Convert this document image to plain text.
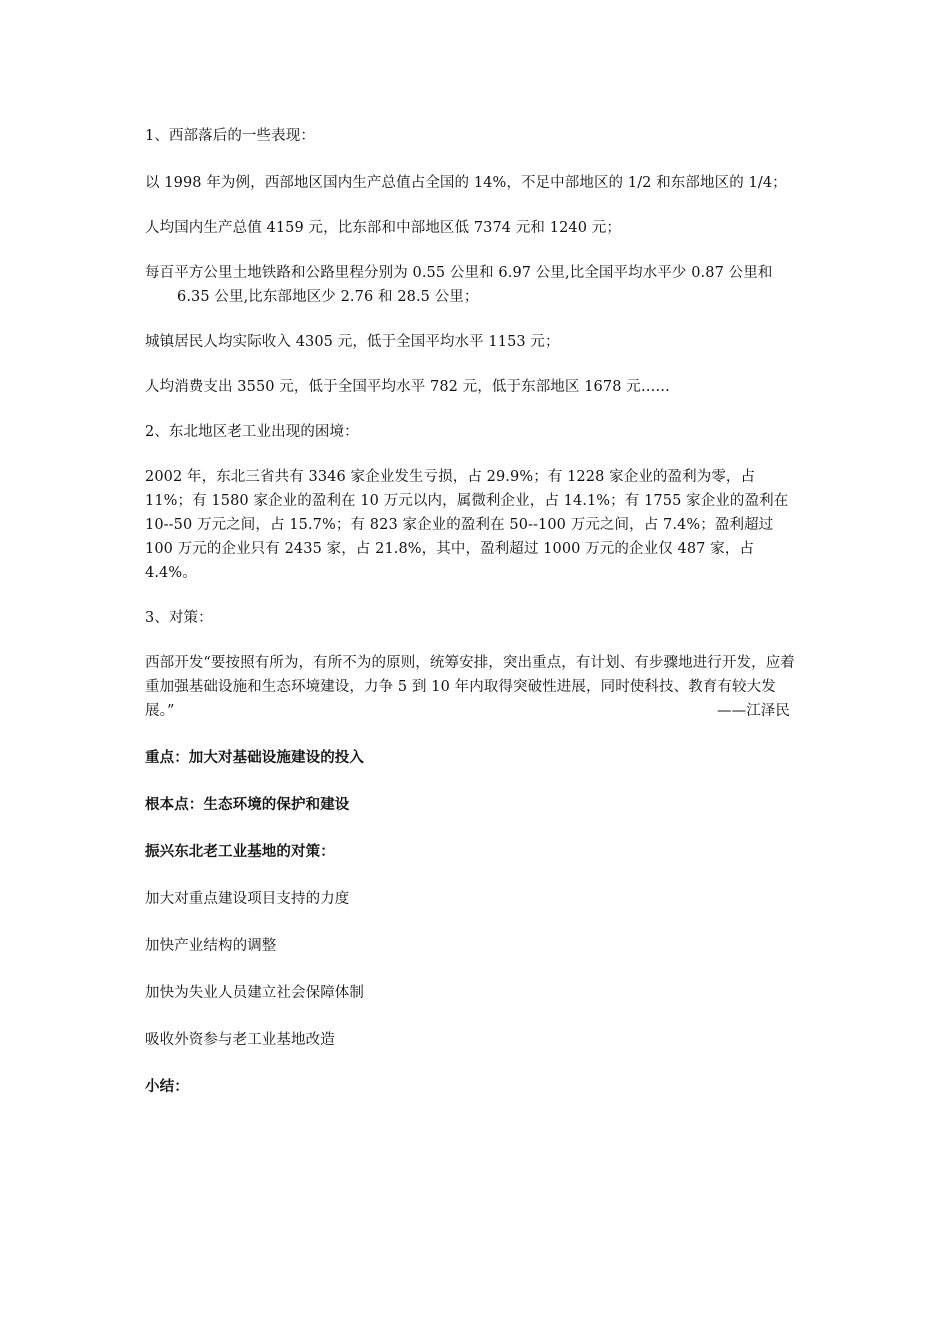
1、西部落后的一些表现：

以 1998 年为例，西部地区国内生产总值占全国的 14%，不足中部地区的 1/2 和东部地区的 1/4；

人均国内生产总值 4159 元，比东部和中部地区低 7374 元和 1240 元；

每百平方公里土地铁路和公路里程分别为 0.55 公里和 6.97 公里,比全国平均水平少 0.87 公里和 6.35 公里,比东部地区少 2.76 和 28.5 公里；

城镇居民人均实际收入 4305 元，低于全国平均水平 1153 元；

人均消费支出 3550 元，低于全国平均水平 782 元，低于东部地区 1678 元……

2、东北地区老工业出现的困境：

2002 年，东北三省共有 3346 家企业发生亏损，占 29.9%；有 1228 家企业的盈利为零，占 11%；有 1580 家企业的盈利在 10 万元以内，属微利企业，占 14.1%；有 1755 家企业的盈利在 10--50 万元之间，占 15.7%；有 823 家企业的盈利在 50--100 万元之间，占 7.4%；盈利超过 100 万元的企业只有 2435 家，占 21.8%，其中，盈利超过 1000 万元的企业仅 487 家，占 4.4%。

3、对策：

西部开发“要按照有所为，有所不为的原则，统筹安排，突出重点，有计划、有步骤地进行开发，应着重加强基础设施和生态环境建设，力争 5 到 10 年内取得突破性进展，同时使科技、教育有较大发展。”	——江泽民

重点：加大对基础设施建设的投入

根本点：生态环境的保护和建设

振兴东北老工业基地的对策：

加大对重点建设项目支持的力度

加快产业结构的调整

加快为失业人员建立社会保障体制

吸收外资参与老工业基地改造

小结：
